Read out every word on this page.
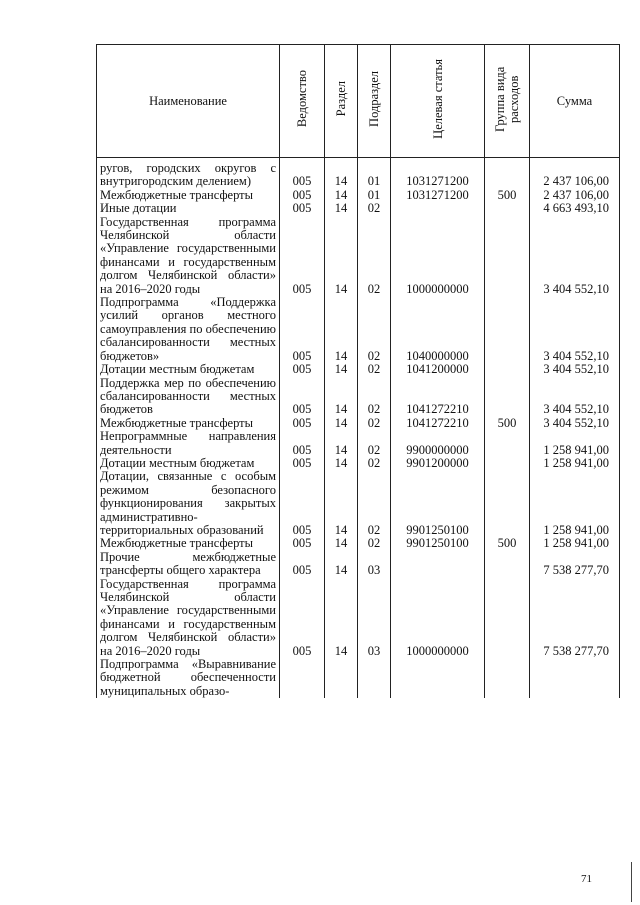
Наименование	Ведомство	Раздел	Подраздел	Целевая статья	Группа вида расходов	Сумма
ругов, городских округов с внутригородским делением)	005	14	01	1031271200		2 437 106,00
Межбюджетные трансферты	005	14	01	1031271200	500	2 437 106,00
Иные дотации	005	14	02			4 663 493,10
Государственная программа Челябинской области «Управление государственными финансами и государственным долгом Челябинской области» на 2016–2020 годы	005	14	02	1000000000		3 404 552,10
Подпрограмма «Поддержка усилий органов местного самоуправления по обеспечению сбалансированности местных бюджетов»	005	14	02	1040000000		3 404 552,10
Дотации местным бюджетам	005	14	02	1041200000		3 404 552,10
Поддержка мер по обеспечению сбалансированности местных бюджетов	005	14	02	1041272210		3 404 552,10
Межбюджетные трансферты	005	14	02	1041272210	500	3 404 552,10
Непрограммные направления деятельности	005	14	02	9900000000		1 258 941,00
Дотации местным бюджетам	005	14	02	9901200000		1 258 941,00
Дотации, связанные с особым режимом безопасного функционирования закрытых административно-территориальных образований	005	14	02	9901250100		1 258 941,00
Межбюджетные трансферты	005	14	02	9901250100	500	1 258 941,00
Прочие межбюджетные трансферты общего характера	005	14	03			7 538 277,70
Государственная программа Челябинской области «Управление государственными финансами и государственным долгом Челябинской области» на 2016–2020 годы	005	14	03	1000000000		7 538 277,70
Подпрограмма «Выравнивание бюджетной обеспеченности муниципальных образо-						
71
